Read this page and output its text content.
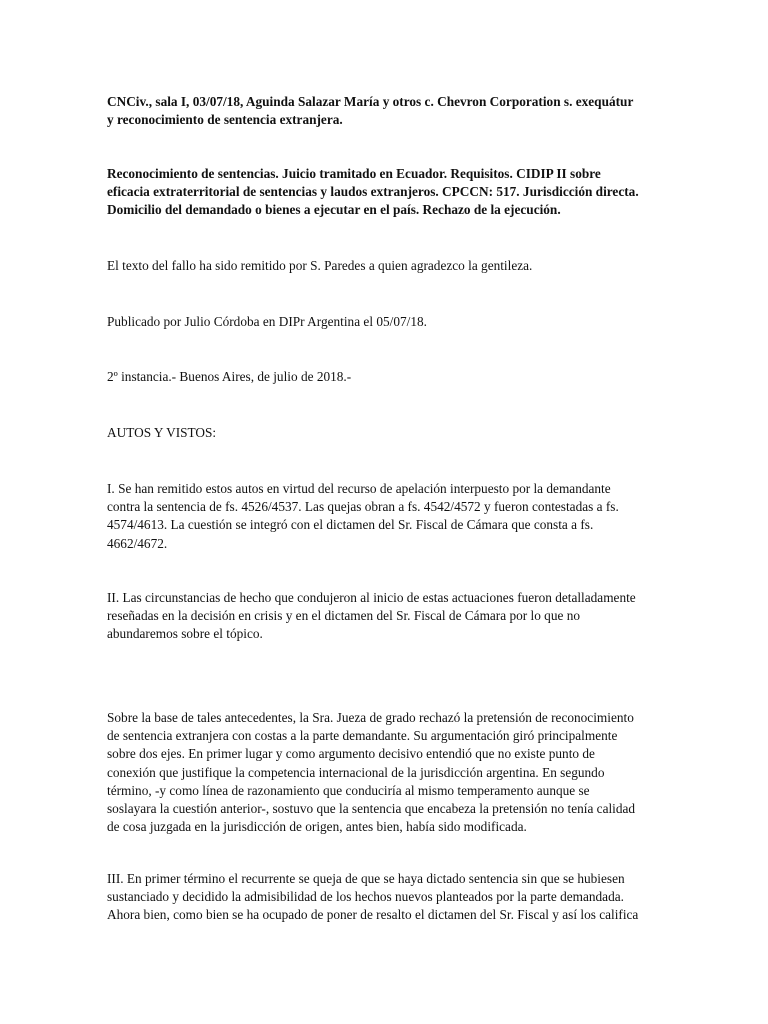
CNCiv., sala I, 03/07/18, Aguinda Salazar María y otros c. Chevron Corporation s. exequátur
y reconocimiento de sentencia extranjera.

Reconocimiento de sentencias. Juicio tramitado en Ecuador. Requisitos. CIDIP II sobre
eficacia extraterritorial de sentencias y laudos extranjeros. CPCCN: 517. Jurisdicción directa.
Domicilio del demandado o bienes a ejecutar en el país. Rechazo de la ejecución.

El texto del fallo ha sido remitido por S. Paredes a quien agradezco la gentileza.

Publicado por Julio Córdoba en DIPr Argentina el 05/07/18.

2º instancia.- Buenos Aires, de julio de 2018.-

AUTOS Y VISTOS:

I. Se han remitido estos autos en virtud del recurso de apelación interpuesto por la demandante
contra la sentencia de fs. 4526/4537. Las quejas obran a fs. 4542/4572 y fueron contestadas a fs.
4574/4613. La cuestión se integró con el dictamen del Sr. Fiscal de Cámara que consta a fs.
4662/4672.

II. Las circunstancias de hecho que condujeron al inicio de estas actuaciones fueron detalladamente
reseñadas en la decisión en crisis y en el dictamen del Sr. Fiscal de Cámara por lo que no
abundaremos sobre el tópico.

Sobre la base de tales antecedentes, la Sra. Jueza de grado rechazó la pretensión de reconocimiento
de sentencia extranjera con costas a la parte demandante. Su argumentación giró principalmente
sobre dos ejes. En primer lugar y como argumento decisivo entendió que no existe punto de
conexión que justifique la competencia internacional de la jurisdicción argentina. En segundo
término, -y como línea de razonamiento que conduciría al mismo temperamento aunque se
soslayara la cuestión anterior-, sostuvo que la sentencia que encabeza la pretensión no tenía calidad
de cosa juzgada en la jurisdicción de origen, antes bien, había sido modificada.

III. En primer término el recurrente se queja de que se haya dictado sentencia sin que se hubiesen
sustanciado y decidido la admisibilidad de los hechos nuevos planteados por la parte demandada.
Ahora bien, como bien se ha ocupado de poner de resalto el dictamen del Sr. Fiscal y así los califica
